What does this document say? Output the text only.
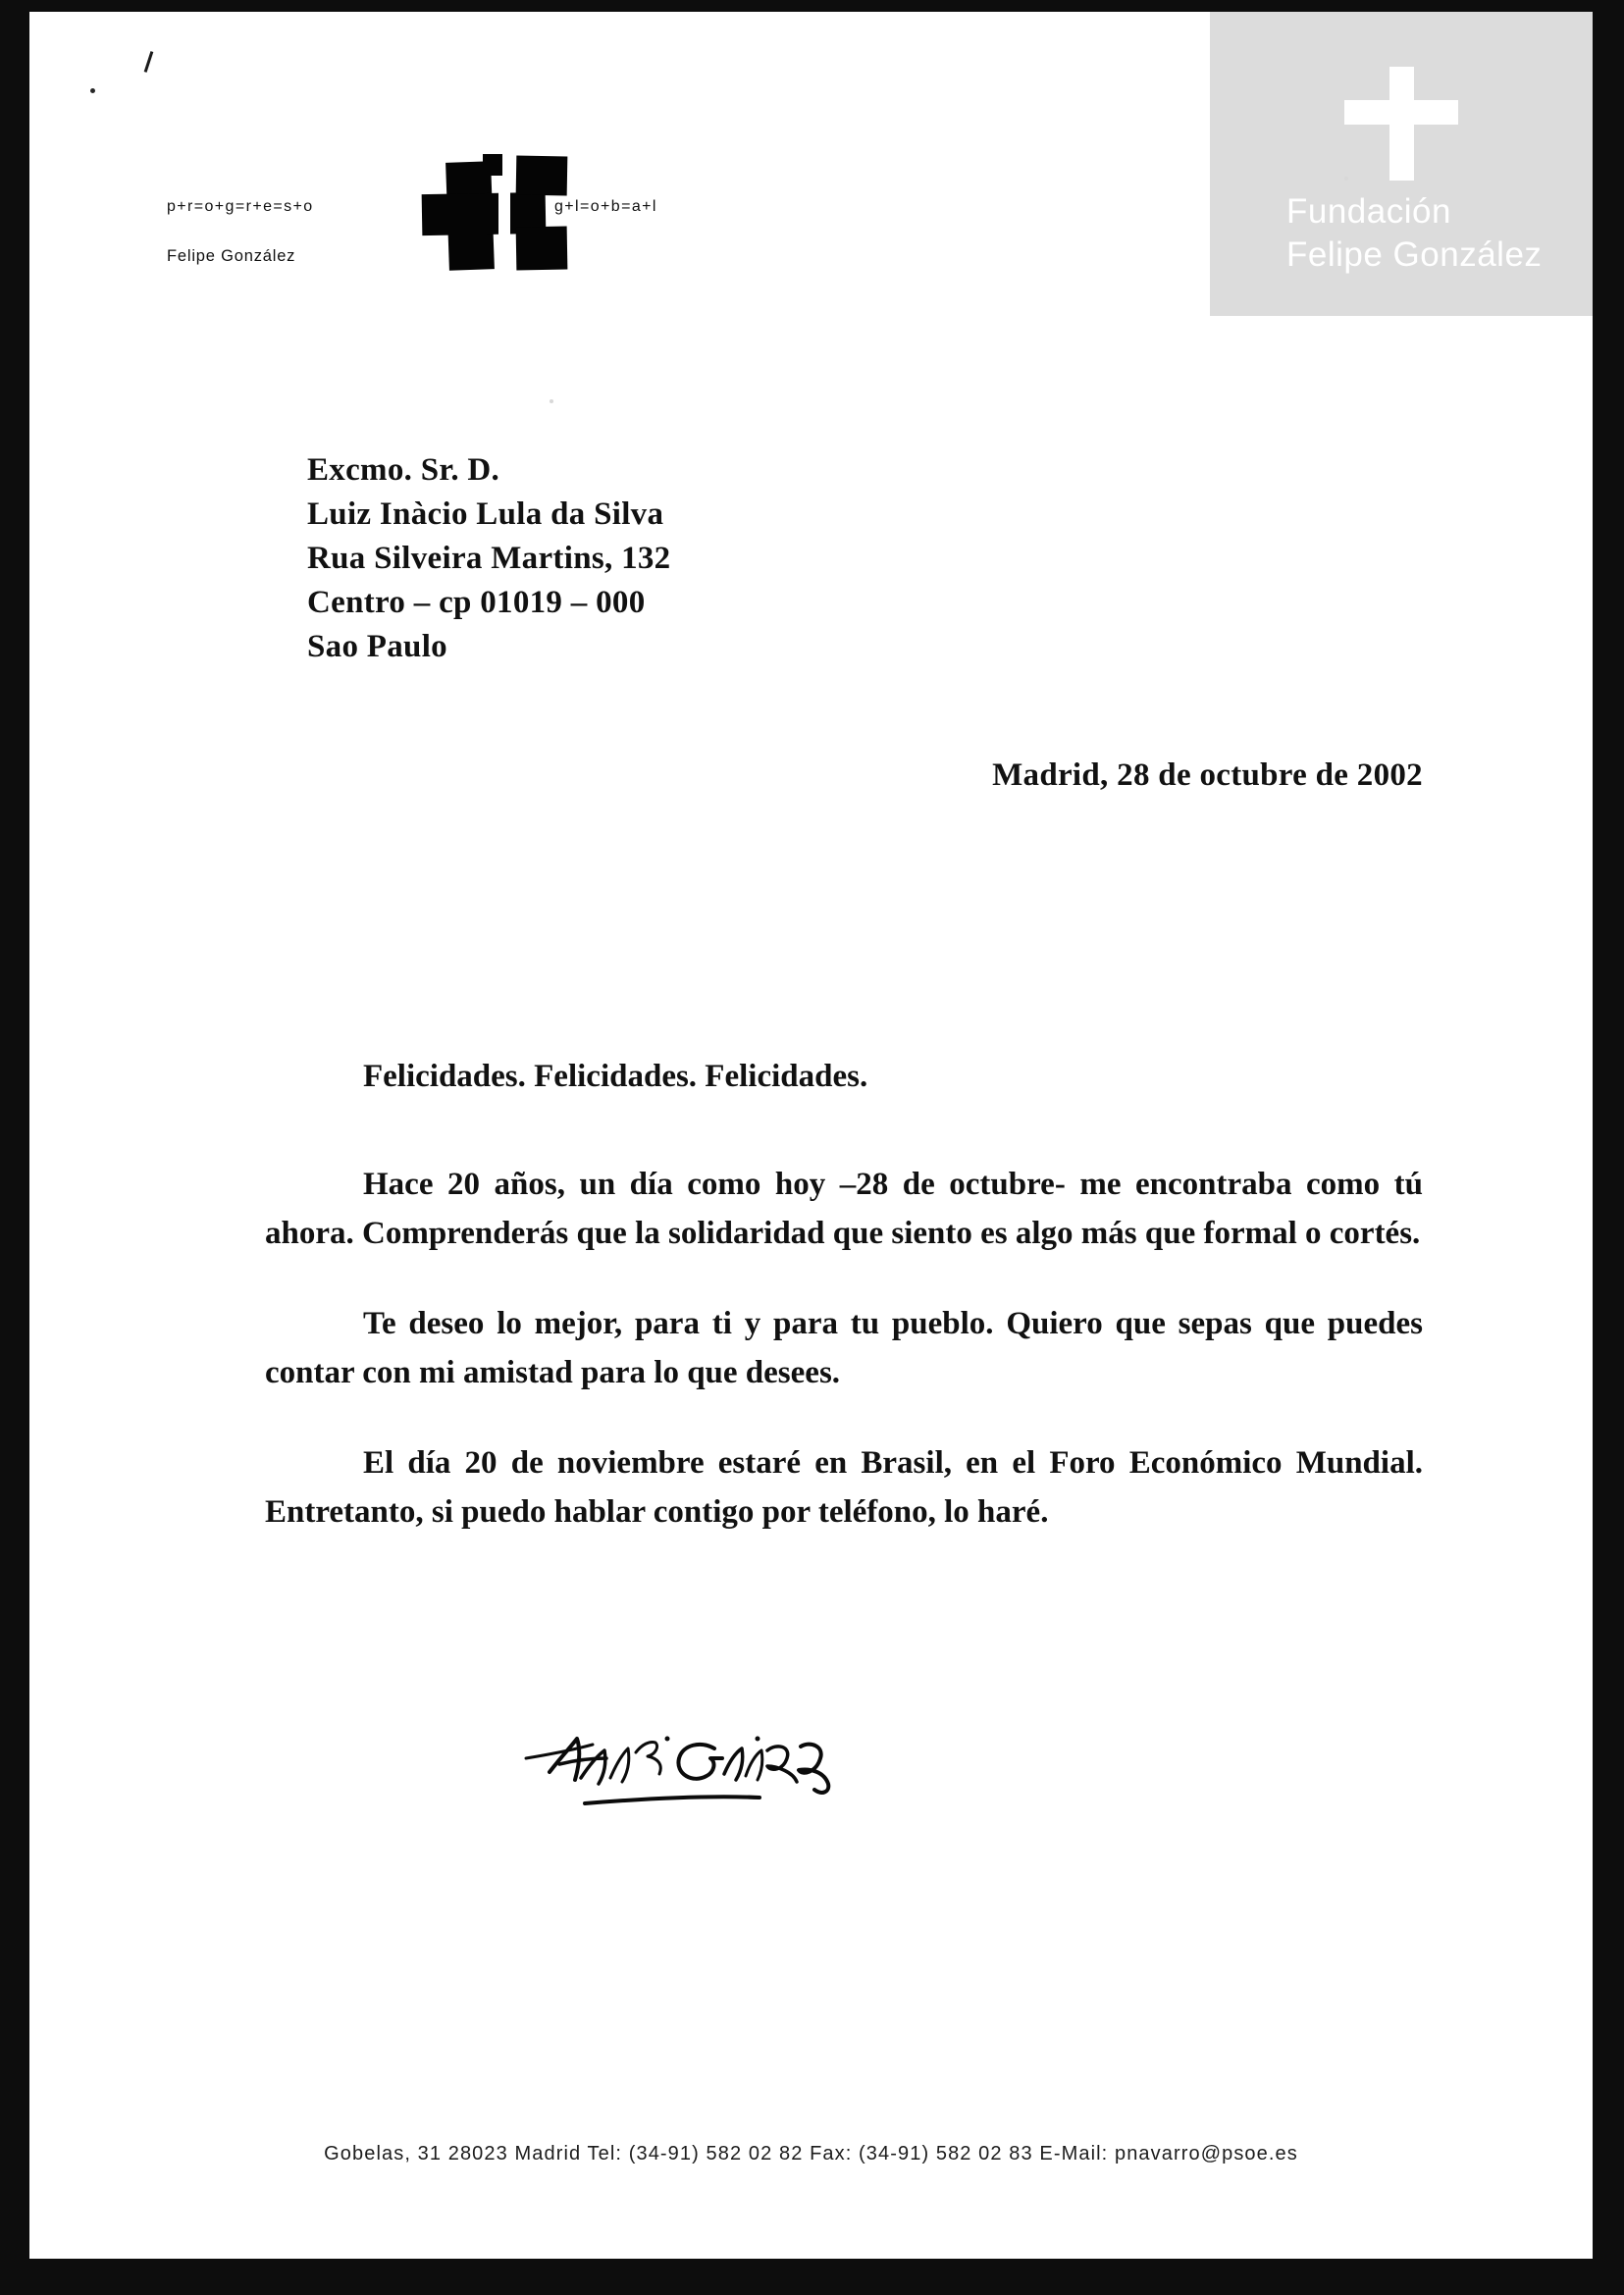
p+r=o+g=r+e=s+o
Felipe González
g+l=o+b=a+l	Fundación
Felipe González
Excmo. Sr. D.
Luiz Inàcio Lula da Silva
Rua Silveira Martins, 132
Centro – cp 01019 – 000
Sao Paulo
Madrid, 28 de octubre de 2002

Felicidades. Felicidades. Felicidades.

Hace 20 años, un día como hoy –28 de octubre- me encontraba como tú ahora. Comprenderás que la solidaridad que siento es algo más que formal o cortés.

Te deseo lo mejor, para ti y para tu pueblo. Quiero que sepas que puedes contar con mi amistad para lo que desees.

El día 20 de noviembre estaré en Brasil, en el Foro Económico Mundial. Entretanto, si puedo hablar contigo por teléfono, lo haré.

Gobelas, 31 28023 Madrid Tel: (34-91) 582 02 82 Fax: (34-91) 582 02 83 E-Mail: pnavarro@psoe.es
